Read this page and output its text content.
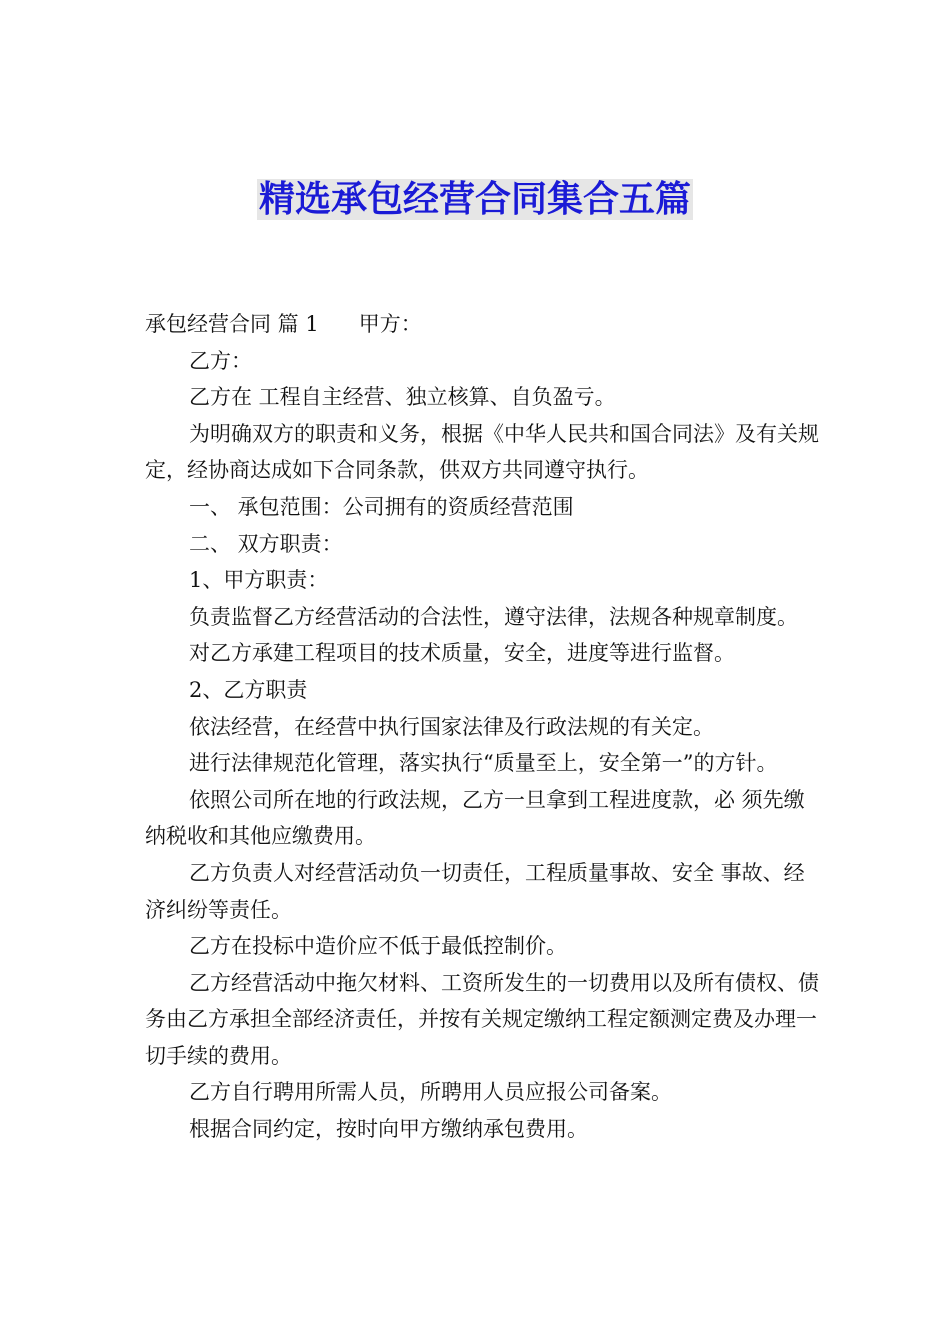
精选承包经营合同集合五篇

承包经营合同 篇 1 甲方：

乙方：

乙方在 工程自主经营、独立核算、自负盈亏。

为明确双方的职责和义务，根据《中华人民共和国合同法》及有关规定，经协商达成如下合同条款，供双方共同遵守执行。

一、 承包范围：公司拥有的资质经营范围

二、 双方职责：

1、甲方职责：

负责监督乙方经营活动的合法性，遵守法律，法规各种规章制度。

对乙方承建工程项目的技术质量，安全，进度等进行监督。

2、乙方职责

依法经营，在经营中执行国家法律及行政法规的有关定。

进行法律规范化管理，落实执行“质量至上，安全第一”的方针。

依照公司所在地的行政法规，乙方一旦拿到工程进度款，必 须先缴纳税收和其他应缴费用。

乙方负责人对经营活动负一切责任，工程质量事故、安全 事故、经济纠纷等责任。

乙方在投标中造价应不低于最低控制价。

乙方经营活动中拖欠材料、工资所发生的一切费用以及所有债权、债务由乙方承担全部经济责任，并按有关规定缴纳工程定额测定费及办理一切手续的费用。

乙方自行聘用所需人员，所聘用人员应报公司备案。

根据合同约定，按时向甲方缴纳承包费用。
